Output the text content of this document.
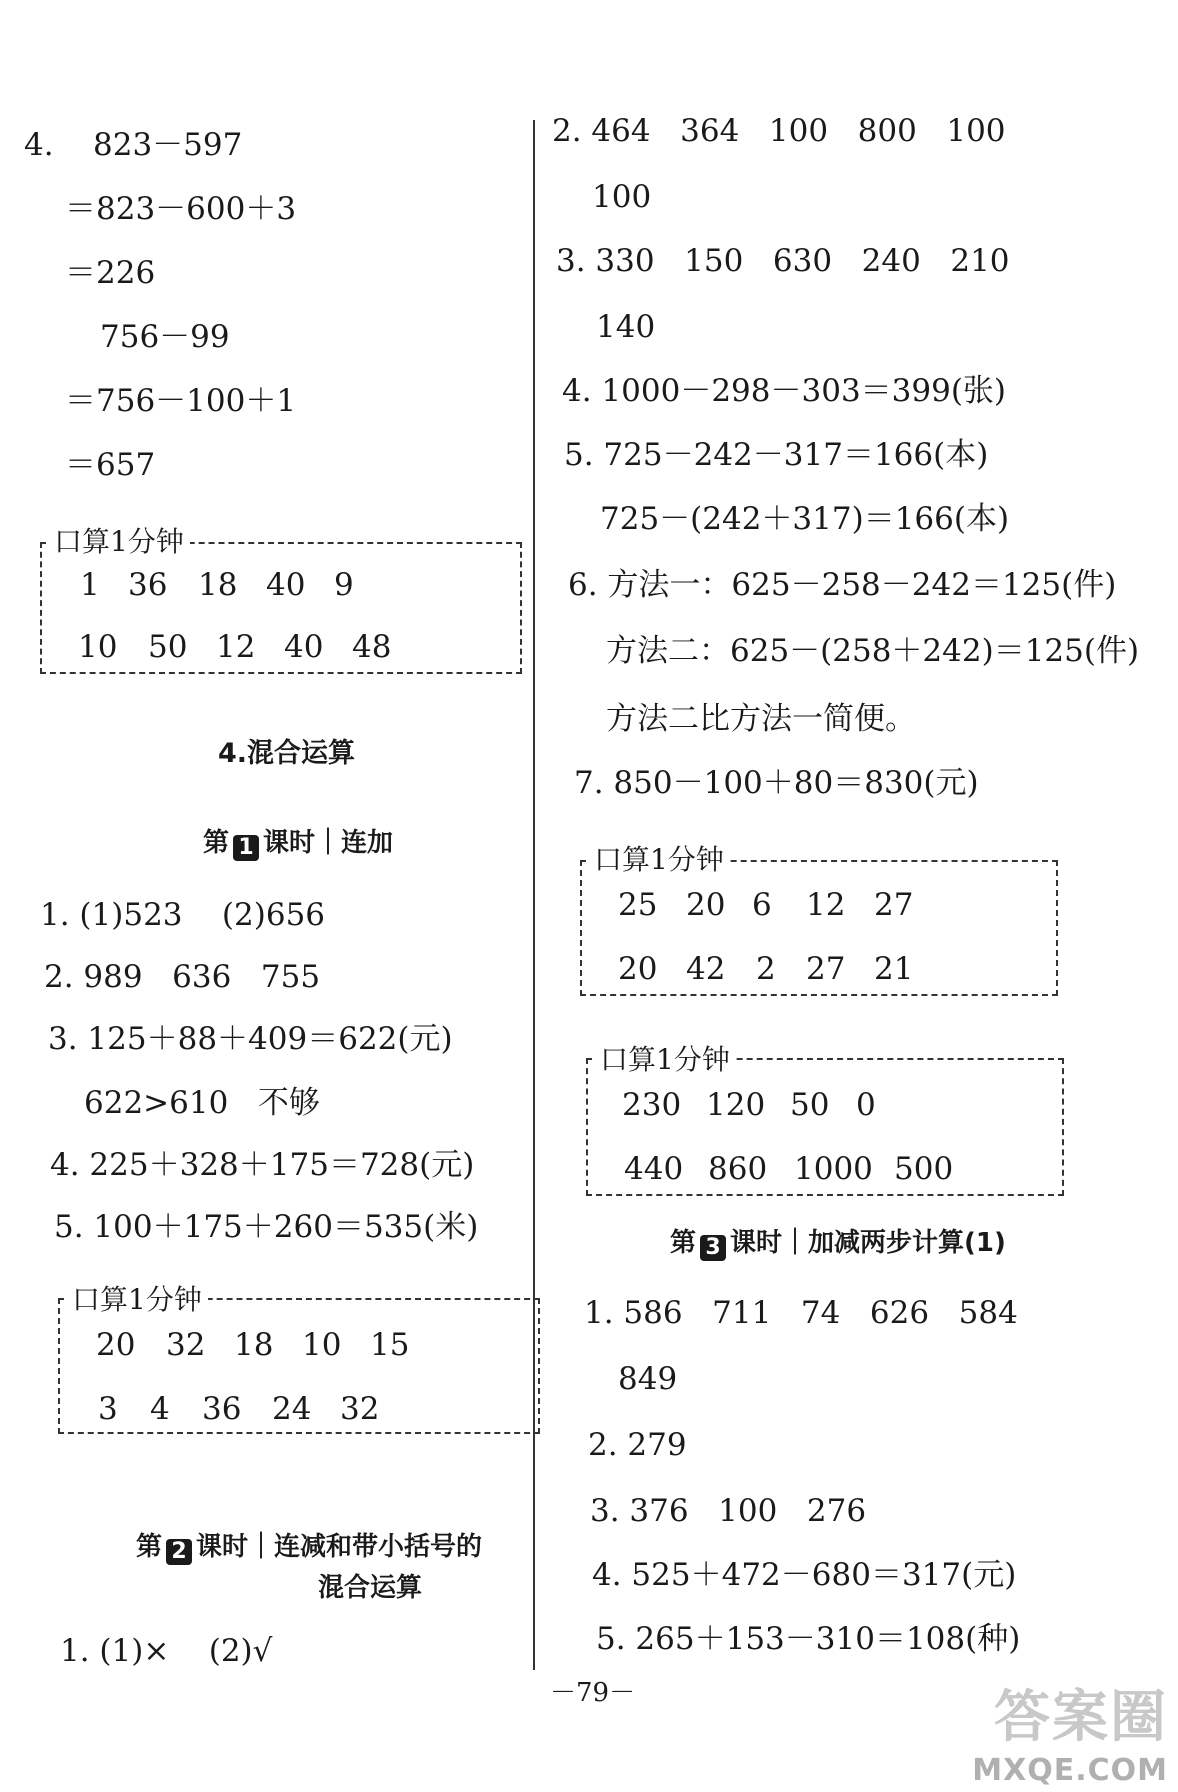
4.    823－597
＝823－600＋3
＝226
756－99
＝756－100＋1
＝657
口算1分钟
1 36 18 40 9
10 50 12 40 48
4.混合运算
第 1 课时｜连加
1. (1)523    (2)656
2. 989   636   755
3. 125＋88＋409＝622(元)
622>610   不够
4. 225＋328＋175＝728(元)
5. 100＋175＋260＝535(米)
口算1分钟
20 32 18 10 15
3 4 36 24 32
第 2 课时｜连减和带小括号的
混合运算
1. (1)×    (2)√
2. 464   364   100   800   100
100
3. 330   150   630   240   210
140
4. 1000－298－303＝399(张)
5. 725－242－317＝166(本)
725－(242＋317)＝166(本)
6. 方法一：625－258－242＝125(件)
方法二：625－(258＋242)＝125(件)
方法二比方法一简便。
7. 850－100＋80＝830(元)
口算1分钟
25 20 6 12 27
20 42 2 27 21
口算1分钟
230 120 50 0
440 860 1000 500
第 3 课时｜加减两步计算(1)
1. 586   711   74   626   584
849
2. 279
3. 376   100   276
4. 525＋472－680＝317(元)
5. 265＋153－310＝108(种)
－79－	答案圈
MXQE.COM
